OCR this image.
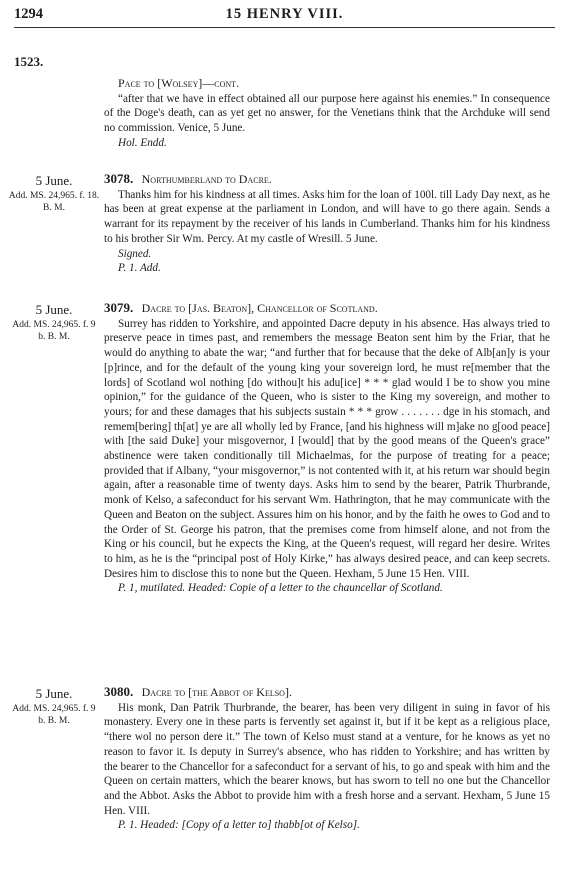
1294	15 HENRY VIII.
1523.

Pace to [Wolsey]—cont.

“after that we have in effect obtained all our purpose here against his enemies.” In consequence of the Doge's death, can as yet get no answer, for the Venetians think that the Archduke will send no commission. Venice, 5 June.

Hol. Endd.

5 June.
Add. MS. 24,965. f. 18. B. M.

3078. Northumberland to Dacre.

Thanks him for his kindness at all times. Asks him for the loan of 100l. till Lady Day next, as he has been at great expense at the parliament in London, and will have to go there again. Sends a warrant for its repayment by the receiver of his lands in Cumberland. Thanks him for his kindness to his brother Sir Wm. Percy. At my castle of Wresill. 5 June.

Signed.

P. 1. Add.

5 June.
Add. MS. 24,965. f. 9 b. B. M.

3079. Dacre to [Jas. Beaton], Chancellor of Scotland.

Surrey has ridden to Yorkshire, and appointed Dacre deputy in his absence. Has always tried to preserve peace in times past, and remembers the message Beaton sent him by the Friar, that he would do anything to abate the war; “and further that for because that the deke of Alb[an]y is your [p]rince, and for the default of the young king your sovereign lord, he must re[member that the lords] of Scotland wol nothing [do withou]t his adu[ice] * * * glad would I be to show you mine opinion,” for the guidance of the Queen, who is sister to the King my sovereign, and mother to yours; for and these damages that his subjects sustain * * * grow . . . . . . . dge in his stomach, and remem[bering] th[at] ye are all wholly led by France, [and his highness will m]ake no g[ood peace] with [the said Duke] your misgovernor, I [would] that by the good means of the Queen's grace” abstinence were taken conditionally till Michaelmas, for the purpose of treating for a peace; provided that if Albany, “your misgovernor,” is not contented with it, at his return war should begin again, after a reasonable time of twenty days. Asks him to send by the bearer, Patrik Thurbrande, monk of Kelso, a safeconduct for his servant Wm. Hathrington, that he may communicate with the Queen and Beaton on the subject. Assures him on his honor, and by the faith he owes to God and to the Order of St. George his patron, that the premises come from himself alone, and not from the King or his council, but he expects the King, at the Queen's request, will regard her desire. Writes to him, as he is the “principal post of Holy Kirke,” has always desired peace, and can keep secrets. Desires him to disclose this to none but the Queen. Hexham, 5 June 15 Hen. VIII.

P. 1, mutilated. Headed: Copie of a letter to the chauncellar of Scotland.

5 June.
Add. MS. 24,965. f. 9 b. B. M.

3080. Dacre to [the Abbot of Kelso].

His monk, Dan Patrik Thurbrande, the bearer, has been very diligent in suing in favor of his monastery. Every one in these parts is fervently set against it, but if it be kept as a religious place, “there wol no person dere it.” The town of Kelso must stand at a venture, for he knows as yet no reason to favor it. Is deputy in Surrey's absence, who has ridden to Yorkshire; and has written by the bearer to the Chancellor for a safeconduct for a servant of his, to go and speak with him and the Queen on certain matters, which the bearer knows, but has sworn to tell no one but the Chancellor and the Abbot. Asks the Abbot to provide him with a fresh horse and a servant. Hexham, 5 June 15 Hen. VIII.

P. 1. Headed: [Copy of a letter to] thabb[ot of Kelso].
